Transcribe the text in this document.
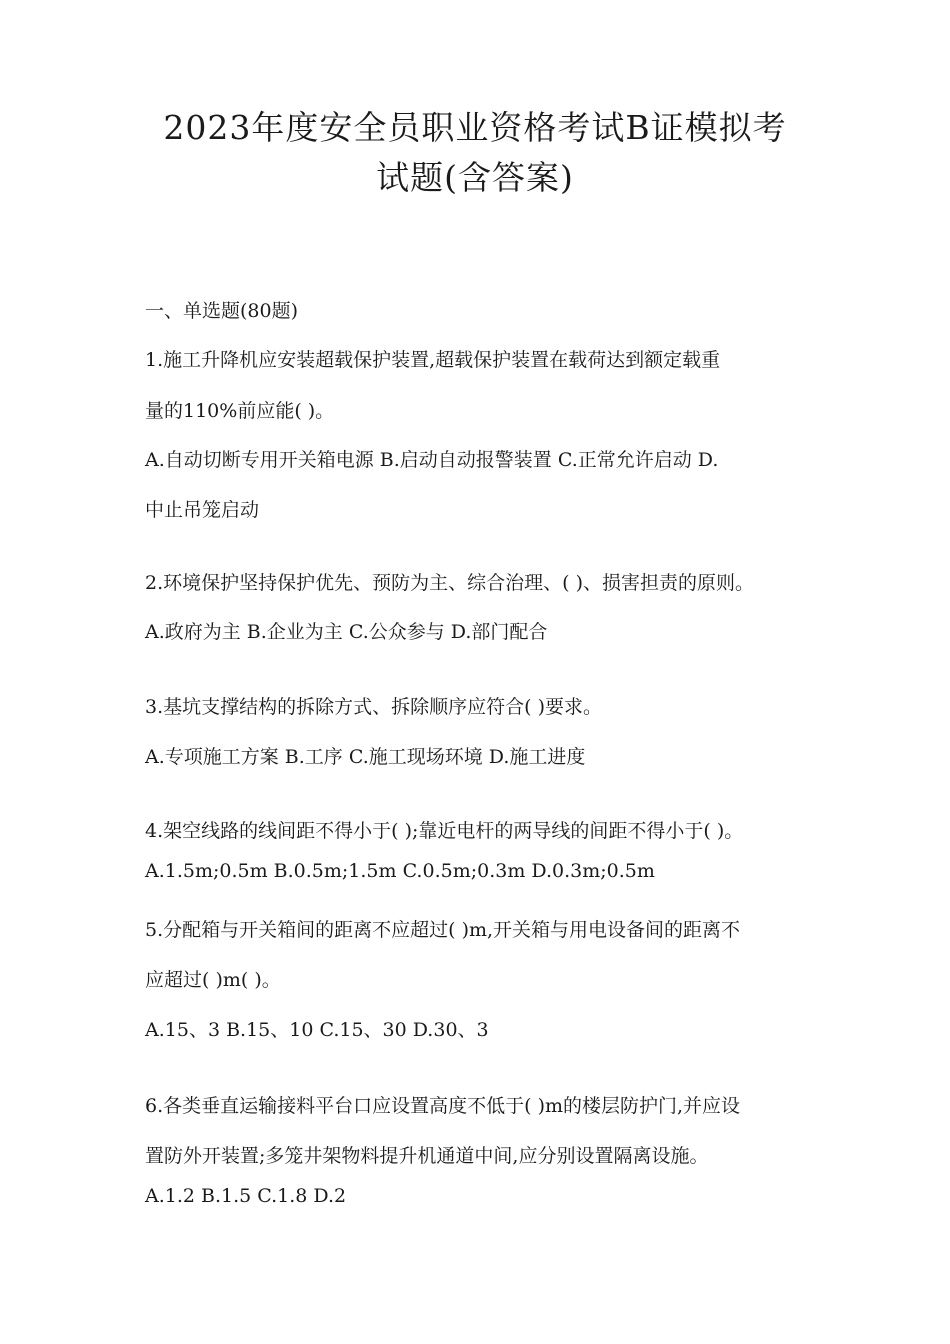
2023年度安全员职业资格考试B证模拟考
试题(含答案)
一、单选题(80题)
1.施工升降机应安装超载保护装置,超载保护装置在载荷达到额定载重
量的110%前应能( )。
A.自动切断专用开关箱电源 B.启动自动报警装置 C.正常允许启动 D.
中止吊笼启动
2.环境保护坚持保护优先、预防为主、综合治理、( )、损害担责的原则。
A.政府为主 B.企业为主 C.公众参与 D.部门配合
3.基坑支撑结构的拆除方式、拆除顺序应符合( )要求。
A.专项施工方案 B.工序 C.施工现场环境 D.施工进度
4.架空线路的线间距不得小于( );靠近电杆的两导线的间距不得小于( )。
A.1.5m;0.5m B.0.5m;1.5m C.0.5m;0.3m D.0.3m;0.5m
5.分配箱与开关箱间的距离不应超过( )m,开关箱与用电设备间的距离不
应超过( )m( )。
A.15、3 B.15、10 C.15、30 D.30、3
6.各类垂直运输接料平台口应设置高度不低于( )m的楼层防护门,并应设
置防外开装置;多笼井架物料提升机通道中间,应分别设置隔离设施。
A.1.2 B.1.5 C.1.8 D.2
